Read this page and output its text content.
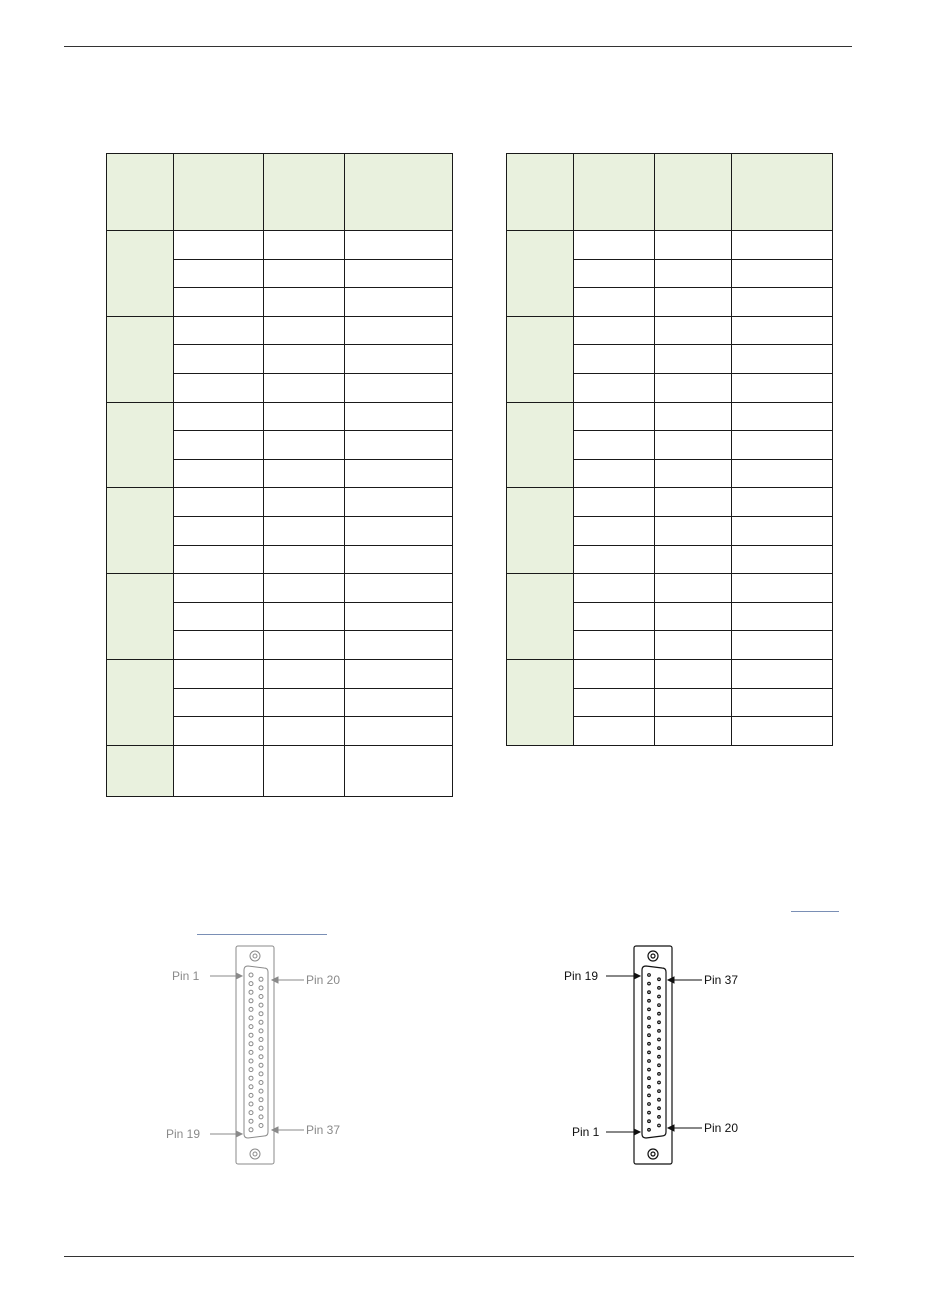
Pin 1	Pin 20
Pin 19	Pin 37
Pin 19	Pin 37
Pin 1	Pin 20
